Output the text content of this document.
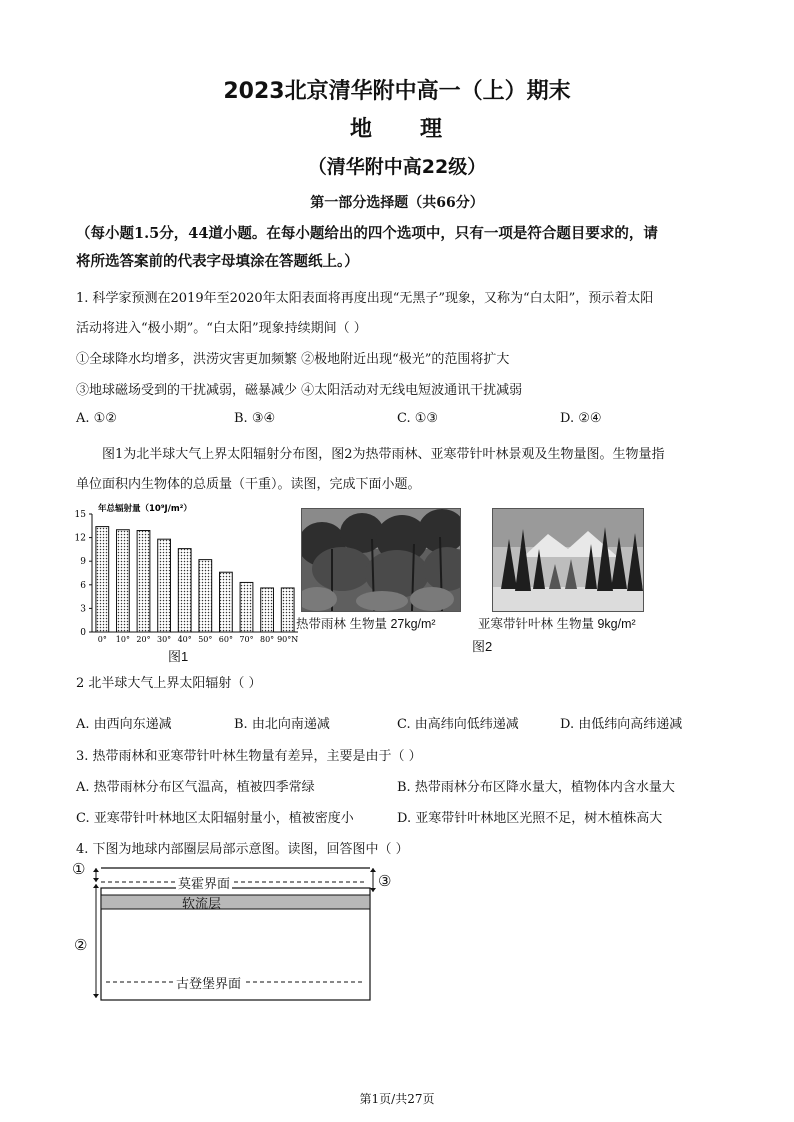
2023北京清华附中高一（上）期末
地 理
（清华附中高22级）
第一部分选择题（共66分）
（每小题1.5分，44道小题。在每小题给出的四个选项中，只有一项是符合题目要求的，请
将所选答案前的代表字母填涂在答题纸上。）
1. 科学家预测在2019年至2020年太阳表面将再度出现“无黑子”现象，又称为“白太阳”，预示着太阳
活动将进入“极小期”。“白太阳”现象持续期间（ ）
①全球降水均增多，洪涝灾害更加频繁 ②极地附近出现“极光”的范围将扩大
③地球磁场受到的干扰减弱，磁暴减少 ④太阳活动对无线电短波通讯干扰减弱
A. ①②	B. ③④	C. ①③	D. ②④
图1为北半球大气上界太阳辐射分布图，图2为热带雨林、亚寒带针叶林景观及生物量图。生物量指
单位面积内生物体的总质量（干重）。读图，完成下面小题。
0
3
6
9
12
15
0° 10° 20° 30° 40° 50° 60° 70° 80° 90°N
年总辐射量（10⁹J/m²）
图1
热带雨林 生物量 27kg/m²	亚寒带针叶林 生物量 9kg/m²
图2
2 北半球大气上界太阳辐射（ ）
A. 由西向东递减	B. 由北向南递减	C. 由高纬向低纬递减	D. 由低纬向高纬递减
3. 热带雨林和亚寒带针叶林生物量有差异，主要是由于（ ）
A. 热带雨林分布区气温高，植被四季常绿	B. 热带雨林分布区降水量大，植物体内含水量大
C. 亚寒带针叶林地区太阳辐射量小，植被密度小	D. 亚寒带针叶林地区光照不足，树木植株高大
4. 下图为地球内部圈层局部示意图。读图，回答图中（ ）
①
②
③
莫霍界面
软流层
古登堡界面
第1页/共27页
